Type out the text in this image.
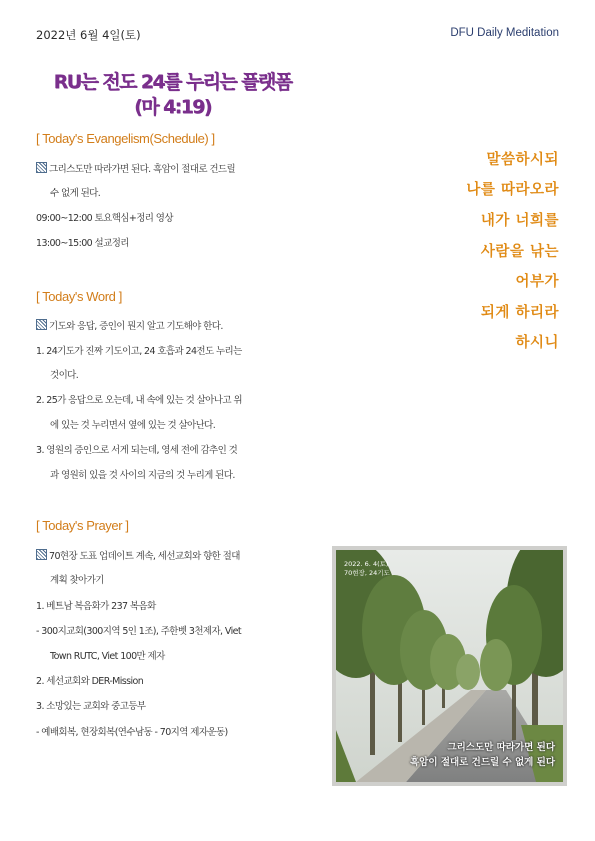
2022년 6월 4일(토)	DFU Daily Meditation
RU는 전도 24를 누리는 플랫폼
(마 4:19)
[ Today's Evangelism(Schedule) ]
그리스도만 따라가면 된다. 흑암이 절대로 건드릴
수 없게 된다.
09:00~12:00 토요핵심+정리 영상
13:00~15:00 설교정리
[ Today's Word ]
기도와 응답, 증인이 뭔지 알고 기도해야 한다.
1. 24기도가 진짜 기도이고, 24 호흡과 24전도 누리는
것이다.
2. 25가 응답으로 오는데, 내 속에 있는 것 살아나고 위
에 있는 것 누리면서 옆에 있는 것 살아난다.
3. 영원의 증인으로 서게 되는데, 영세 전에 감추인 것
과 영원히 있을 것 사이의 지금의 것 누리게 된다.
[ Today's Prayer ]
70현장 도표 업데이트 계속, 세선교회와 향한 절대
계획 찾아가기
1. 베트남 복음화가 237 복음화
- 300지교회(300지역 5인 1조), 주한벳 3천제자, Viet
Town RUTC, Viet 100만 제자
2. 세선교회와 DER-Mission
3. 소망있는 교회와 중고등부
- 예배회복, 현장회복(연수남동 - 70지역 제자운동)
말씀하시되
나를 따라오라
내가 너희를
사람을 낚는
어부가
되게 하리라
하시니
2022. 6. 4(토)
70현장, 24기도
그리스도만 따라가면 된다
흑암이 절대로 건드릴 수 없게 된다
